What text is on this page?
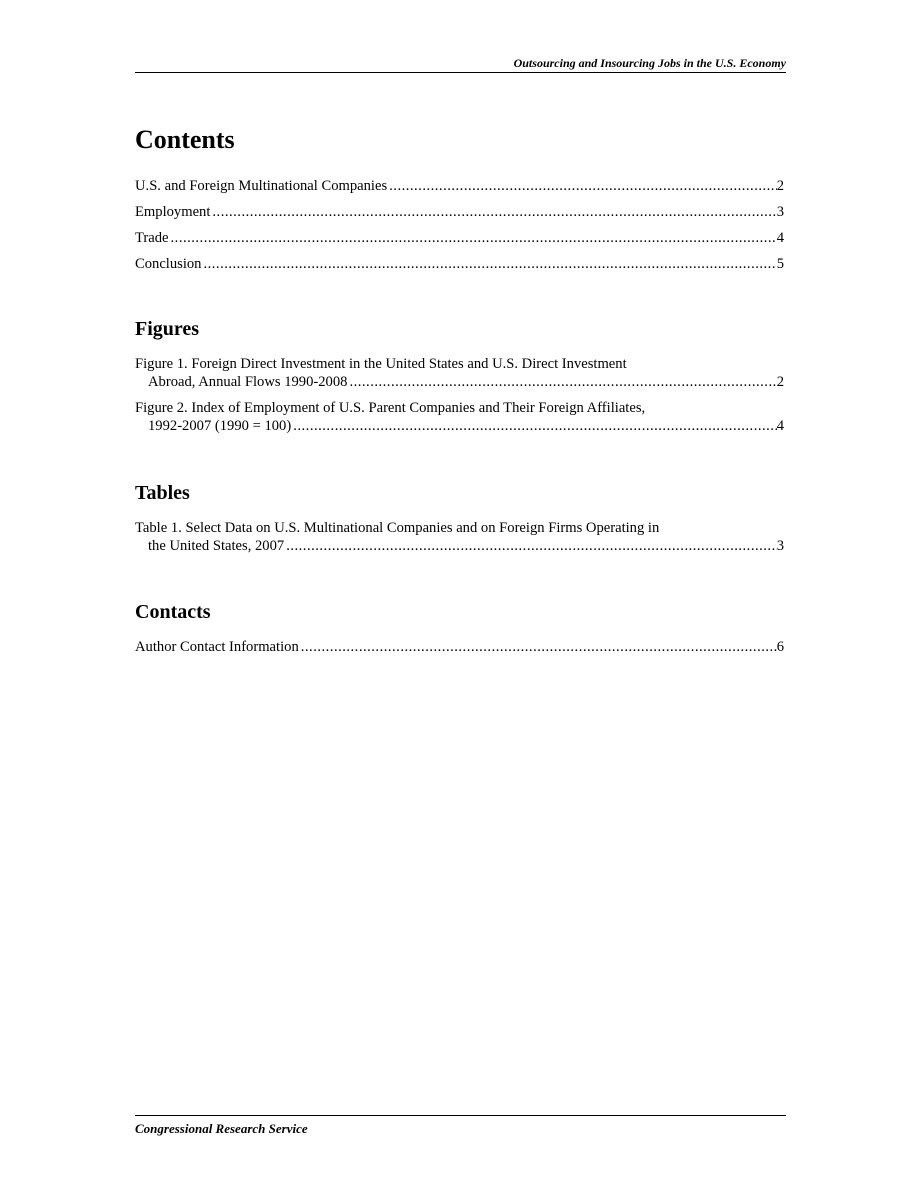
Outsourcing and Insourcing Jobs in the U.S. Economy
Contents
U.S. and Foreign Multinational Companies .....	2
Employment .....	3
Trade .....	4
Conclusion .....	5
Figures
Figure 1. Foreign Direct Investment in the United States and U.S. Direct Investment
Abroad, Annual Flows 1990-2008 .....	2
Figure 2. Index of Employment of U.S. Parent Companies and Their Foreign Affiliates,
1992-2007 (1990 = 100) .....	4
Tables
Table 1. Select Data on U.S. Multinational Companies and on Foreign Firms Operating in
the United States, 2007 .....	3
Contacts
Author Contact Information .....	6
Congressional Research Service
